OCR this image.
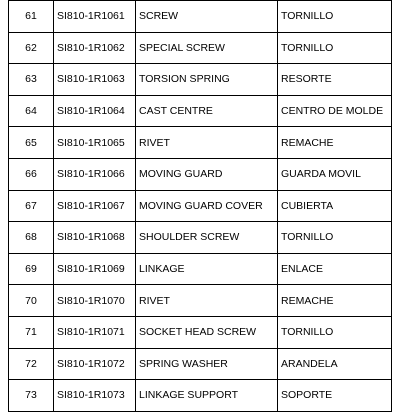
61	SI810-1R1061	SCREW	TORNILLO
62	SI810-1R1062	SPECIAL SCREW	TORNILLO
63	SI810-1R1063	TORSION SPRING	RESORTE
64	SI810-1R1064	CAST CENTRE	CENTRO DE MOLDE
65	SI810-1R1065	RIVET	REMACHE
66	SI810-1R1066	MOVING GUARD	GUARDA MOVIL
67	SI810-1R1067	MOVING GUARD COVER	CUBIERTA
68	SI810-1R1068	SHOULDER SCREW	TORNILLO
69	SI810-1R1069	LINKAGE	ENLACE
70	SI810-1R1070	RIVET	REMACHE
71	SI810-1R1071	SOCKET HEAD SCREW	TORNILLO
72	SI810-1R1072	SPRING WASHER	ARANDELA
73	SI810-1R1073	LINKAGE SUPPORT	SOPORTE
